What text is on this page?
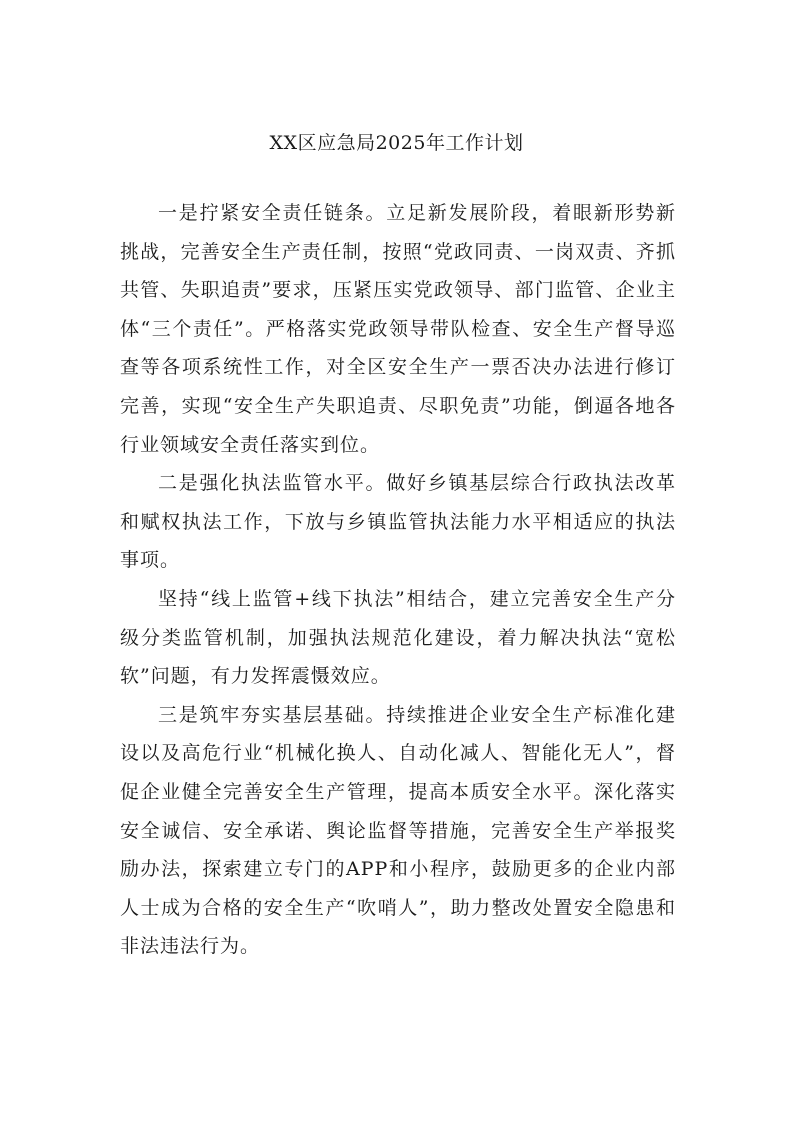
XX区应急局2025年工作计划

一是拧紧安全责任链条。立足新发展阶段，着眼新形势新挑战，完善安全生产责任制，按照“党政同责、一岗双责、齐抓共管、失职追责”要求，压紧压实党政领导、部门监管、企业主体“三个责任”。严格落实党政领导带队检查、安全生产督导巡查等各项系统性工作，对全区安全生产一票否决办法进行修订完善，实现“安全生产失职追责、尽职免责”功能，倒逼各地各行业领域安全责任落实到位。

二是强化执法监管水平。做好乡镇基层综合行政执法改革和赋权执法工作，下放与乡镇监管执法能力水平相适应的执法事项。

坚持“线上监管+线下执法”相结合，建立完善安全生产分级分类监管机制，加强执法规范化建设，着力解决执法“宽松软”问题，有力发挥震慑效应。

三是筑牢夯实基层基础。持续推进企业安全生产标准化建设以及高危行业“机械化换人、自动化减人、智能化无人”，督促企业健全完善安全生产管理，提高本质安全水平。深化落实安全诚信、安全承诺、舆论监督等措施，完善安全生产举报奖励办法，探索建立专门的APP和小程序，鼓励更多的企业内部人士成为合格的安全生产“吹哨人”，助力整改处置安全隐患和非法违法行为。
